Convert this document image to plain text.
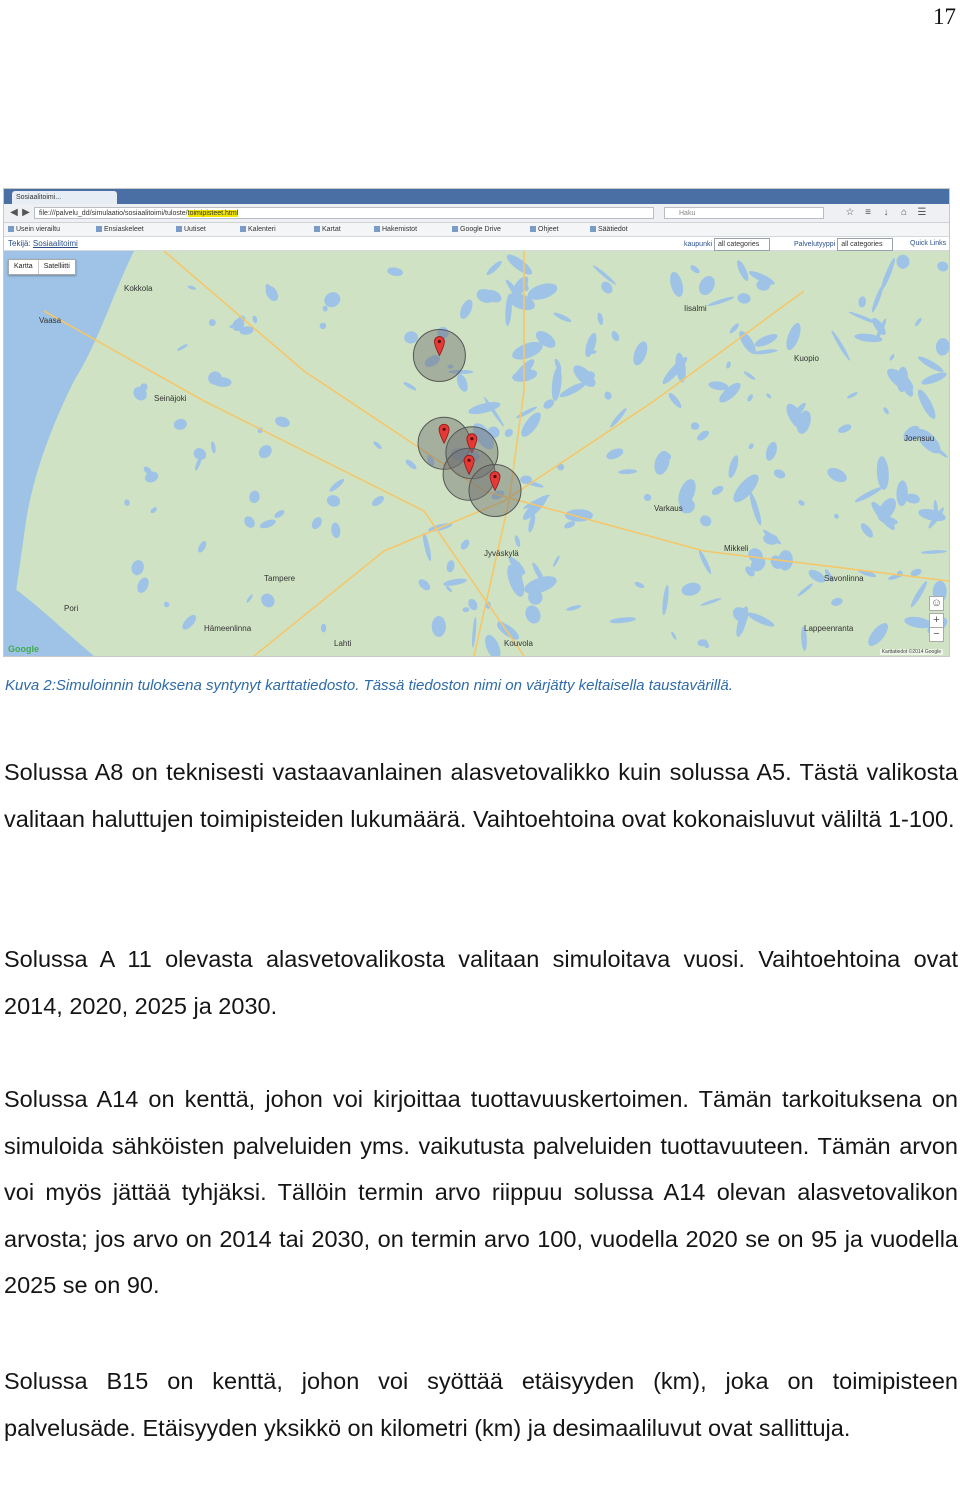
17
Sosiaalitoimi...
◀ ▶	file:///palvelu_dd/simulaatio/sosiaalitoimi/tuloste/toimipisteet.html	Haku	☆	≡	↓	⌂ ☰
Usein vierailtu	Ensiaskeleet	Uutiset	Kalenteri	Kartat	Hakemistot	Google Drive	Ohjeet	Säätiedot
Tekijä: Sosiaalitoimi	kaupunki all categories	Palvelutyyppi all categories	Quick Links
Vaasa
Seinäjoki
Kokkola
Jyväskylä
Tampere
Kuopio
Mikkeli
Savonlinna
Lahti
Joensuu
Pori
Hämeenlinna
Kouvola
Lappeenranta
Varkaus
Iisalmi
Kartta	Satelliitti
☺
+
−
Google	Karttatiedot ©2014 Google
Kuva 2:Simuloinnin tuloksena syntynyt karttatiedosto. Tässä tiedoston nimi on värjätty keltaisella taustavärillä.

Solussa A8 on teknisesti vastaavanlainen alasvetovalikko kuin solussa A5. Tästä valikosta valitaan haluttujen toimipisteiden lukumäärä. Vaihtoehtoina ovat kokonaisluvut väliltä 1-100.

Solussa A 11 olevasta alasvetovalikosta valitaan simuloitava vuosi. Vaihtoehtoina ovat 2014, 2020, 2025 ja 2030.

Solussa A14 on kenttä, johon voi kirjoittaa tuottavuuskertoimen. Tämän tarkoituksena on simuloida sähköisten palveluiden yms. vaikutusta palveluiden tuottavuuteen. Tämän arvon voi myös jättää tyhjäksi. Tällöin termin arvo riippuu solussa A14 olevan alasvetovalikon arvosta; jos arvo on 2014 tai 2030, on termin arvo 100, vuodella 2020 se on 95 ja vuodella 2025 se on 90.

Solussa B15 on kenttä, johon voi syöttää etäisyyden (km), joka on toimipisteen palvelusäde. Etäisyyden yksikkö on kilometri (km) ja desimaaliluvut ovat sallittuja.
